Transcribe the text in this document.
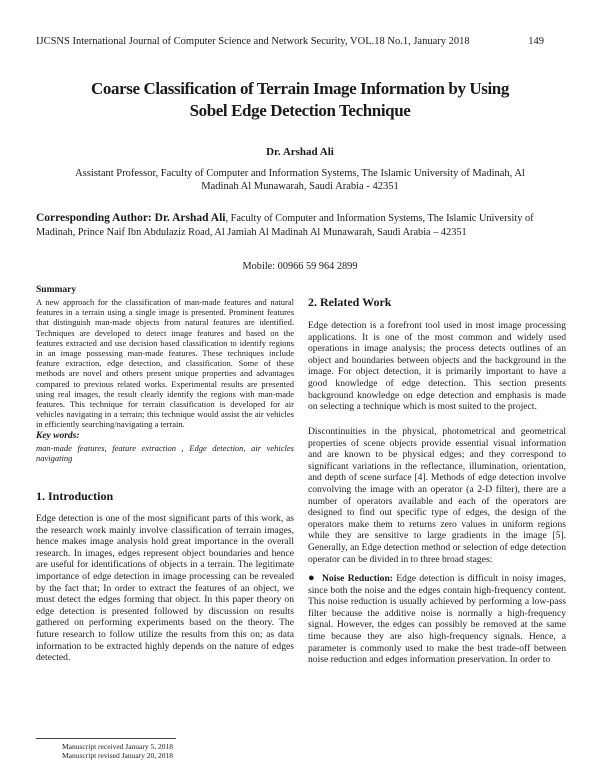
IJCSNS International Journal of Computer Science and Network Security, VOL.18 No.1, January 2018	149
Coarse Classification of Terrain Image Information by Using
Sobel Edge Detection Technique
Dr. Arshad Ali
Assistant Professor, Faculty of Computer and Information Systems, The Islamic University of Madinah, Al Madinah Al Munawarah, Saudi Arabia - 42351
Corresponding Author: Dr. Arshad Ali, Faculty of Computer and Information Systems, The Islamic University of Madinah, Prince Naif Ibn Abdulaziz Road, Al Jamiah Al Madinah Al Munawarah, Saudi Arabia – 42351
Mobile: 00966 59 964 2899
Summary
A new approach for the classification of man-made features and natural features in a terrain using a single image is presented. Prominent features that distinguish man-made objects from natural features are identified. Techniques are developed to detect image features and based on the features extracted and use decision based classification to identify regions in an image possessing man-made features. These techniques include feature extraction, edge detection, and classification. Some of these methods are novel and others present unique properties and advantages compared to previous related works. Experimental results are presented using real images, the result clearly identify the regions with man-made features. This technique for terrain classification is developed for air vehicles navigating in a terrain; this technique would assist the air vehicles in efficiently searching/navigating a terrain.
Key words:
man-made features, feature extraction , Edge detection, air vehicles navigating
1. Introduction
Edge detection is one of the most significant parts of this work, as the research work mainly involve classification of terrain images, hence makes image analysis hold great importance in the overall research. In images, edges represent object boundaries and hence are useful for identifications of objects in a terrain. The legitimate importance of edge detection in image processing can be revealed by the fact that; In order to extract the features of an object, we must detect the edges forming that object. In this paper theory on edge detection is presented followed by discussion on results gathered on performing experiments based on the theory. The future research to follow utilize the results from this on; as data information to be extracted highly depends on the nature of edges detected.
2. Related Work
Edge detection is a forefront tool used in most image processing applications. It is one of the most common and widely used operations in image analysis; the process detects outlines of an object and boundaries between objects and the background in the image. For object detection, it is primarily important to have a good knowledge of edge detection. This section presents background knowledge on edge detection and emphasis is made on selecting a technique which is most suited to the project.
Discontinuities in the physical, photometrical and geometrical properties of scene objects provide essential visual information and are known to be physical edges; and they correspond to significant variations in the reflectance, illumination, orientation, and depth of scene surface [4]. Methods of edge detection involve convolving the image with an operator (a 2-D filter), there are a number of operators available and each of the operators are designed to find out specific type of edges, the design of the operators make them to returns zero values in uniform regions while they are sensitive to large gradients in the image [5]. Generally, an Edge detection method or selection of edge detection operator can be divided in to three broad stages:
● Noise Reduction: Edge detection is difficult in noisy images, since both the noise and the edges contain high-frequency content. This noise reduction is usually achieved by performing a low-pass filter because the additive noise is normally a high-frequency signal. However, the edges can possibly be removed at the same time because they are also high-frequency signals. Hence, a parameter is commonly used to make the best trade-off between noise reduction and edges information preservation. In order to
Manuscript received January 5, 2018
Manuscript revised January 20, 2018
